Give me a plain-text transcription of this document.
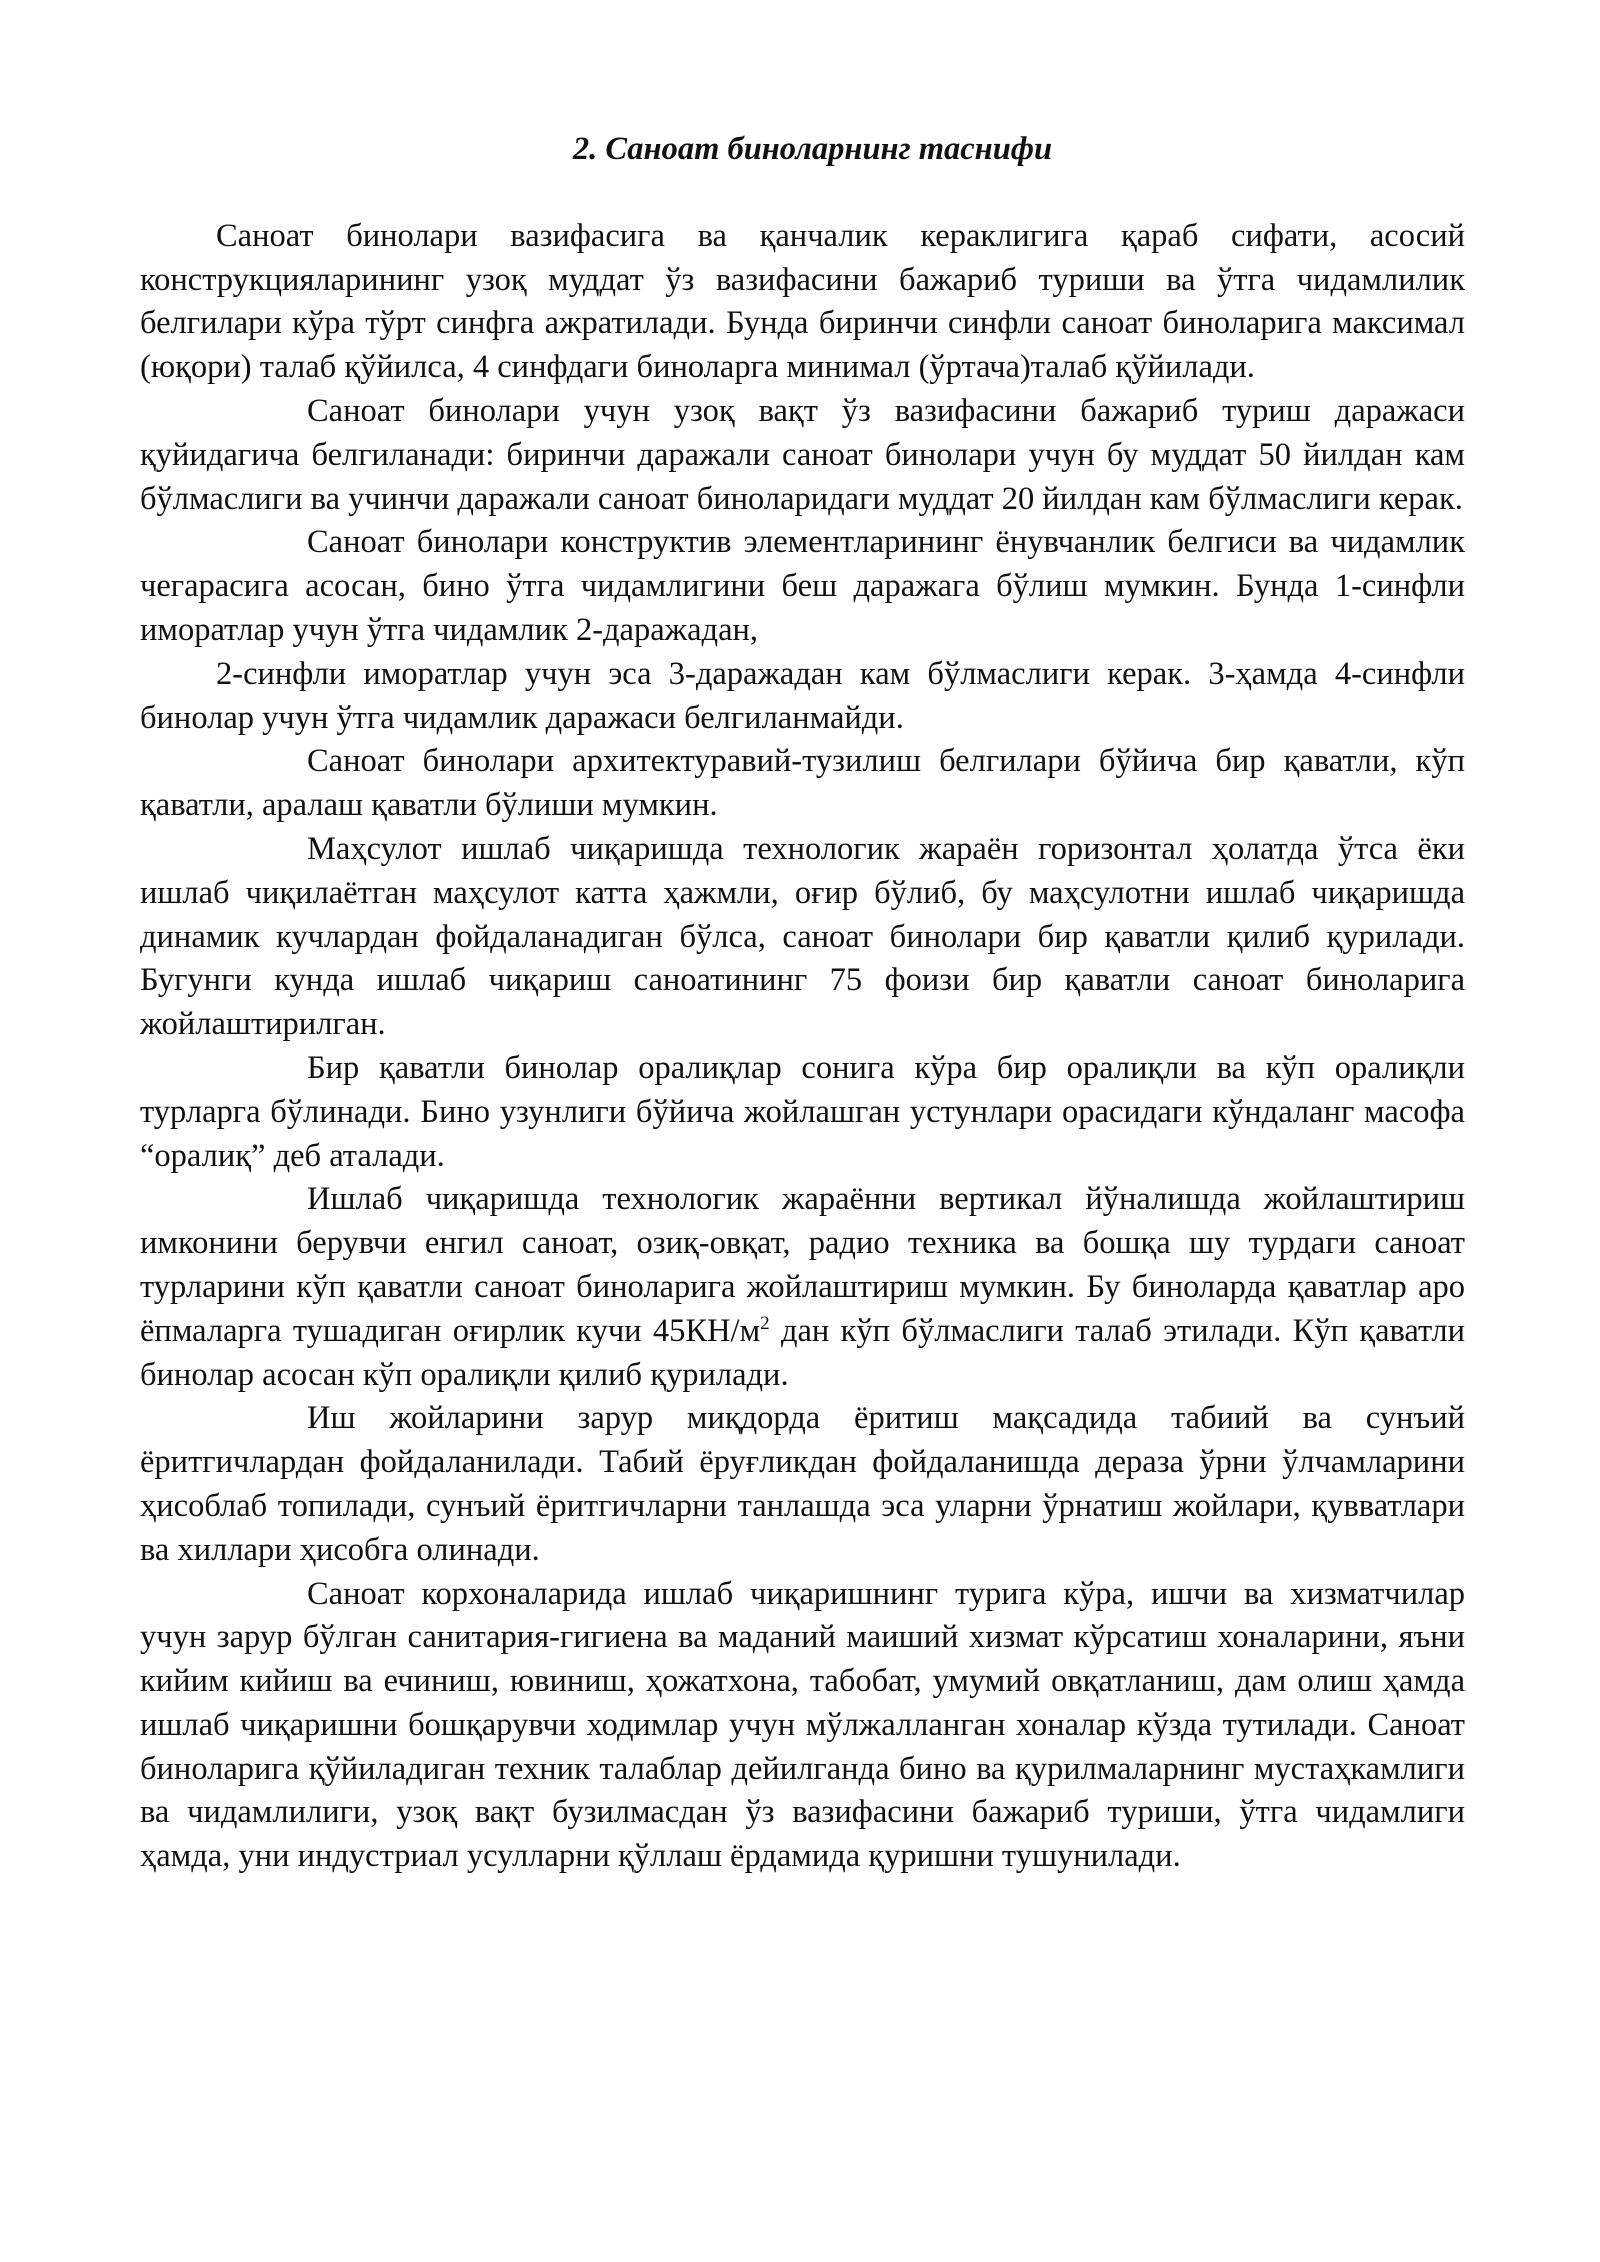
2. Саноат биноларнинг таснифи

Саноат бинолари вазифасига ва қанчалик кераклигига қараб сифати, асосий конструкцияларининг узоқ муддат ўз вазифасини бажариб туриши ва ўтга чидамлилик белгилари кўра тўрт синфга ажратилади. Бунда биринчи синфли саноат биноларига максимал (юқори) талаб қўйилса, 4 синфдаги биноларга минимал (ўртача)талаб қўйилади.

Саноат бинолари учун узоқ вақт ўз вазифасини бажариб туриш даражаси қуйидагича белгиланади: биринчи даражали саноат бинолари учун бу муддат 50 йилдан кам бўлмаслиги ва учинчи даражали саноат биноларидаги муддат 20 йилдан кам бўлмаслиги керак.

Саноат бинолари конструктив элементларининг ёнувчанлик белгиси ва чидамлик чегарасига асосан, бино ўтга чидамлигини беш даражага бўлиш мумкин. Бунда 1-синфли иморатлар учун ўтга чидамлик 2-даражадан,

2-синфли иморатлар учун эса 3-даражадан кам бўлмаслиги керак. 3-ҳамда 4-синфли бинолар учун ўтга чидамлик даражаси белгиланмайди.

Саноат бинолари архитектуравий-тузилиш белгилари бўйича бир қаватли, кўп қаватли, аралаш қаватли бўлиши мумкин.

Маҳсулот ишлаб чиқаришда технологик жараён горизонтал ҳолатда ўтса ёки ишлаб чиқилаётган маҳсулот катта ҳажмли, оғир бўлиб, бу маҳсулотни ишлаб чиқаришда динамик кучлардан фойдаланадиган бўлса, саноат бинолари бир қаватли қилиб қурилади. Бугунги кунда ишлаб чиқариш саноатининг 75 фоизи бир қаватли саноат биноларига жойлаштирилган.

Бир қаватли бинолар оралиқлар сонига кўра бир оралиқли ва кўп оралиқли турларга бўлинади. Бино узунлиги бўйича жойлашган устунлари орасидаги кўндаланг масофа “оралиқ” деб аталади.

Ишлаб чиқаришда технологик жараённи вертикал йўналишда жойлаштириш имконини берувчи енгил саноат, озиқ-овқат, радио техника ва бошқа шу турдаги саноат турларини кўп қаватли саноат биноларига жойлаштириш мумкин. Бу биноларда қаватлар аро ёпмаларга тушадиган оғирлик кучи $45КН/м^2$ дан кўп бўлмаслиги талаб этилади. Кўп қаватли бинолар асосан кўп оралиқли қилиб қурилади.

Иш жойларини зарур миқдорда ёритиш мақсадида табиий ва сунъий ёритгичлардан фойдаланилади. Табий ёруғликдан фойдаланишда дераза ўрни ўлчамларини ҳисоблаб топилади, сунъий ёритгичларни танлашда эса уларни ўрнатиш жойлари, қувватлари ва хиллари ҳисобга олинади.

Саноат корхоналарида ишлаб чиқаришнинг турига кўра, ишчи ва хизматчилар учун зарур бўлган санитария-гигиена ва маданий маиший хизмат кўрсатиш хоналарини, яъни кийим кийиш ва ечиниш, ювиниш, ҳожатхона, табобат, умумий овқатланиш, дам олиш ҳамда ишлаб чиқаришни бошқарувчи ходимлар учун мўлжалланган хоналар кўзда тутилади. Саноат биноларига қўйиладиган техник талаблар дейилганда бино ва қурилмаларнинг мустаҳкамлиги ва чидамлилиги, узоқ вақт бузилмасдан ўз вазифасини бажариб туриши, ўтга чидамлиги ҳамда, уни индустриал усулларни қўллаш ёрдамида қуришни тушунилади.
